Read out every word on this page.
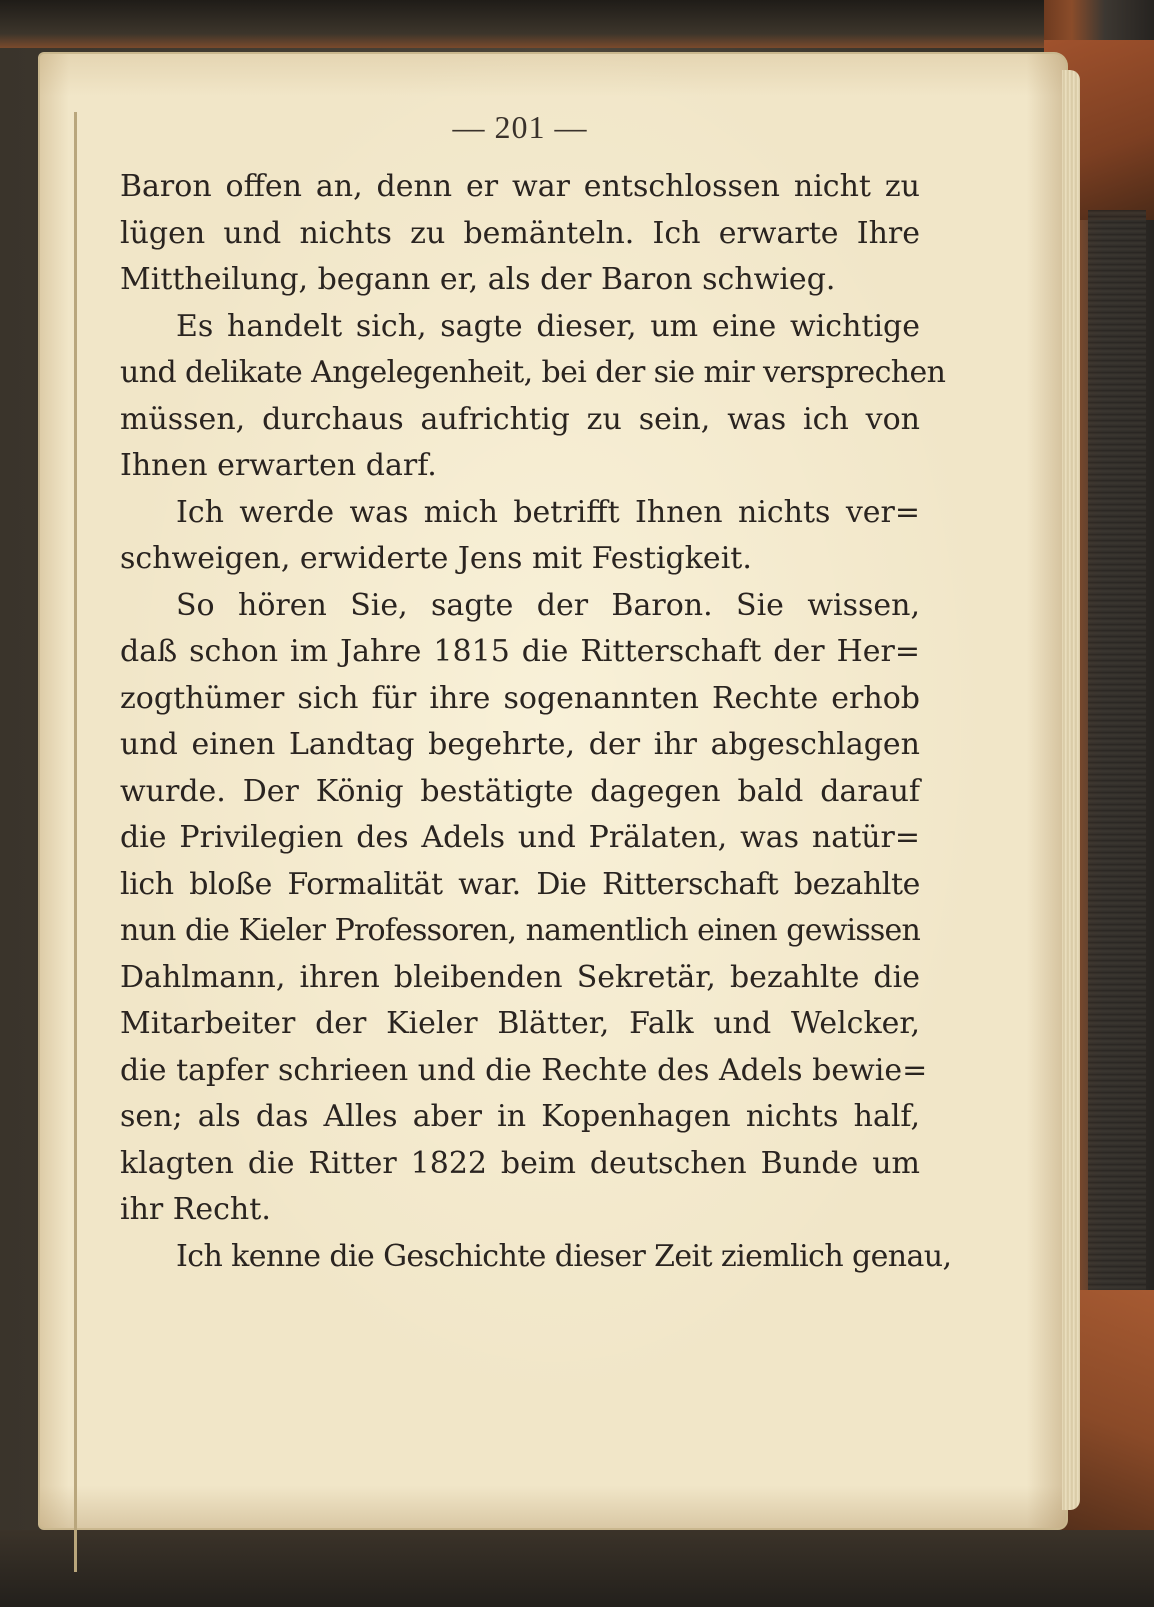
— 201 —
Baron offen an, denn er war entschlossen nicht zu
lügen und nichts zu bemänteln. Ich erwarte Ihre
Mittheilung, begann er, als der Baron schwieg.
Es handelt sich, sagte dieser, um eine wichtige
und delikate Angelegenheit, bei der sie mir versprechen
müssen, durchaus aufrichtig zu sein, was ich von
Ihnen erwarten darf.
Ich werde was mich betrifft Ihnen nichts ver=
schweigen, erwiderte Jens mit Festigkeit.
So hören Sie, sagte der Baron. Sie wissen,
daß schon im Jahre 1815 die Ritterschaft der Her=
zogthümer sich für ihre sogenannten Rechte erhob
und einen Landtag begehrte, der ihr abgeschlagen
wurde. Der König bestätigte dagegen bald darauf
die Privilegien des Adels und Prälaten, was natür=
lich bloße Formalität war. Die Ritterschaft bezahlte
nun die Kieler Professoren, namentlich einen gewissen
Dahlmann, ihren bleibenden Sekretär, bezahlte die
Mitarbeiter der Kieler Blätter, Falk und Welcker,
die tapfer schrieen und die Rechte des Adels bewie=
sen; als das Alles aber in Kopenhagen nichts half,
klagten die Ritter 1822 beim deutschen Bunde um
ihr Recht.
Ich kenne die Geschichte dieser Zeit ziemlich genau,
